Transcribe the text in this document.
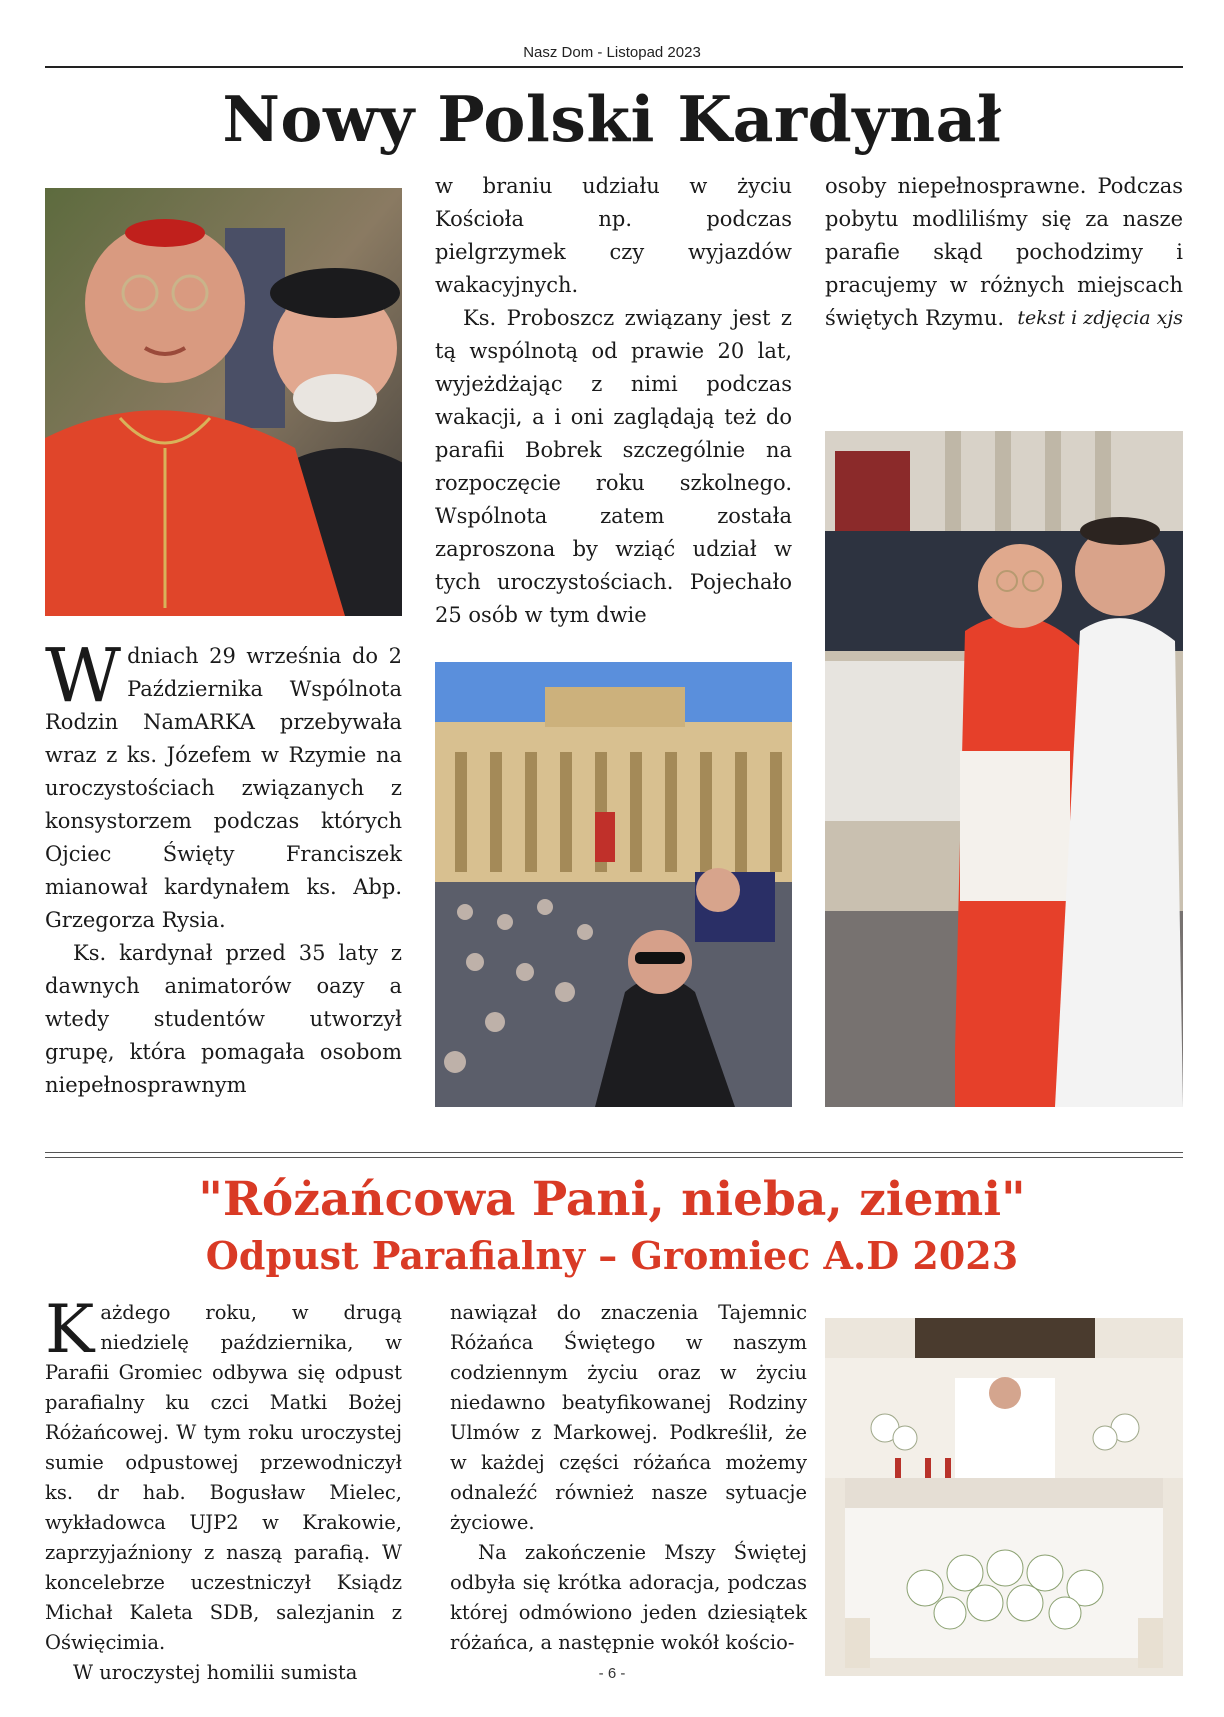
Nasz Dom - Listopad 2023
Nowy Polski Kardynał

Wdniach 29 września do 2 Października Wspólnota Rodzin NamARKA przebywała wraz z ks. Józefem w Rzymie na uroczystościach związanych z konsystorzem podczas których Ojciec Święty Franciszek mianował kardynałem ks. Abp. Grzegorza Rysia.

Ks. kardynał przed 35 laty z dawnych animatorów oazy a wtedy studentów utworzył grupę, która pomagała osobom niepełnosprawnym

w braniu udziału w życiu Kościoła np. podczas pielgrzymek czy wyjazdów wakacyjnych.

Ks. Proboszcz związany jest z tą wspólnotą od prawie 20 lat, wyjeżdżając z nimi podczas wakacji, a i oni zaglądają też do parafii Bobrek szczególnie na rozpoczęcie roku szkolnego. Wspólnota zatem została zaproszona by wziąć udział w tych uroczystościach. Pojechało 25 osób w tym dwie

osoby niepełnosprawne. Podczas pobytu modliliśmy się za nasze parafie skąd pochodzimy i pracujemy w różnych miejscach świętych Rzymu. tekst i zdjęcia xjs

"Różańcowa Pani, nieba, ziemi"
Odpust Parafialny – Gromiec A.D 2023

Każdego roku, w drugą niedzielę października, w Parafii Gromiec odbywa się odpust parafialny ku czci Matki Bożej Różańcowej. W tym roku uroczystej sumie odpustowej przewodniczył ks. dr hab. Bogusław Mielec, wykładowca UJP2 w Krakowie, zaprzyjaźniony z naszą parafią. W koncelebrze uczestniczył Ksiądz Michał Kaleta SDB, salezjanin z Oświęcimia.

W uroczystej homilii sumista

nawiązał do znaczenia Tajemnic Różańca Świętego w naszym codziennym życiu oraz w życiu niedawno beatyfikowanej Rodziny Ulmów z Markowej. Podkreślił, że w każdej części różańca możemy odnaleźć również nasze sytuacje życiowe.

Na zakończenie Mszy Świętej odbyła się krótka adoracja, podczas której odmówiono jeden dziesiątek różańca, a następnie wokół kościo-

- 6 -
